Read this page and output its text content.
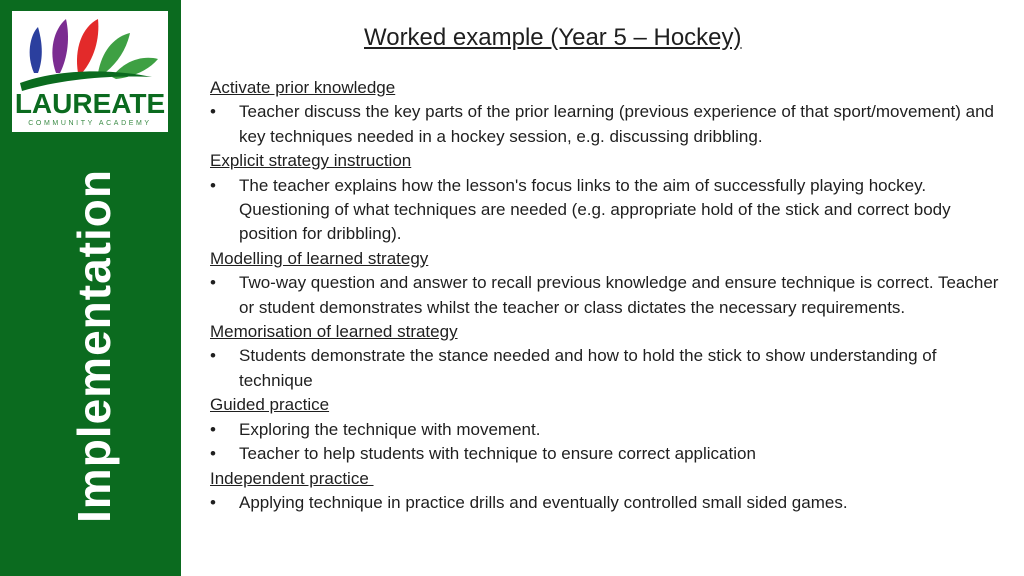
LAUREATE
COMMUNITY ACADEMY
Implementation
Worked example (Year 5 – Hockey)
Activate prior knowledge
•	Teacher discuss the key parts of the prior learning (previous experience of that sport/movement) and key techniques needed in a hockey session, e.g. discussing dribbling.
Explicit strategy instruction
•	The teacher explains how the lesson's focus links to the aim of successfully playing hockey. Questioning of what techniques are needed (e.g. appropriate hold of the stick and correct body position for dribbling).
Modelling of learned strategy
•	Two-way question and answer to recall previous knowledge and ensure technique is correct. Teacher or student demonstrates whilst the teacher or class dictates the necessary requirements.
Memorisation of learned strategy
•	Students demonstrate the stance needed and how to hold the stick to show understanding of technique
Guided practice
•	Exploring the technique with movement.
•	Teacher to help students with technique to ensure correct application
Independent practice
•	Applying technique in practice drills and eventually controlled small sided games.
